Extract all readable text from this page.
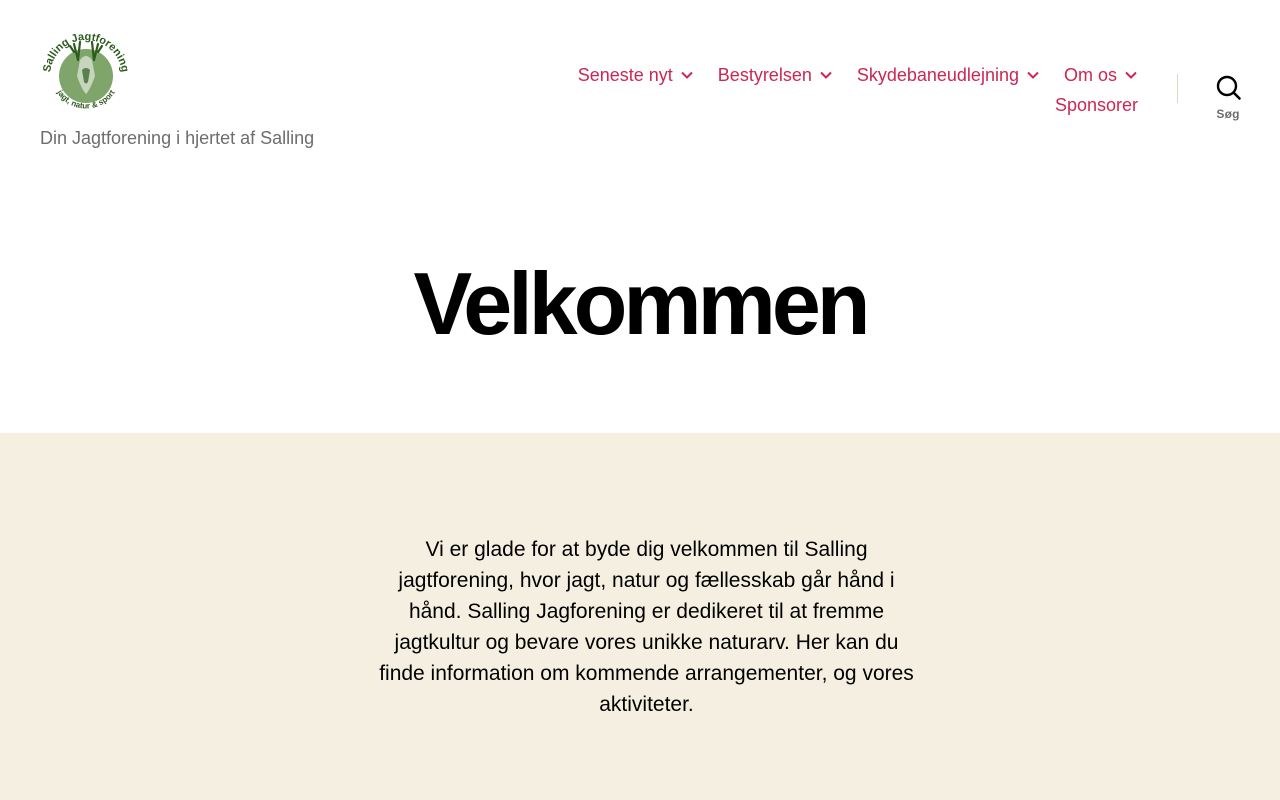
Salling Jagtforening
jagt, natur & sport
Din Jagtforening i hjertet af Salling
Seneste nyt	Bestyrelsen	Skydebaneudlejning	Om os
Sponsorer	Søg
Velkommen

Vi er glade for at byde dig velkommen til Salling jagtforening, hvor jagt, natur og fællesskab går hånd i hånd. Salling Jagforening er dedikeret til at fremme jagtkultur og bevare vores unikke naturarv. Her kan du finde information om kommende arrangementer, og vores aktiviteter.
